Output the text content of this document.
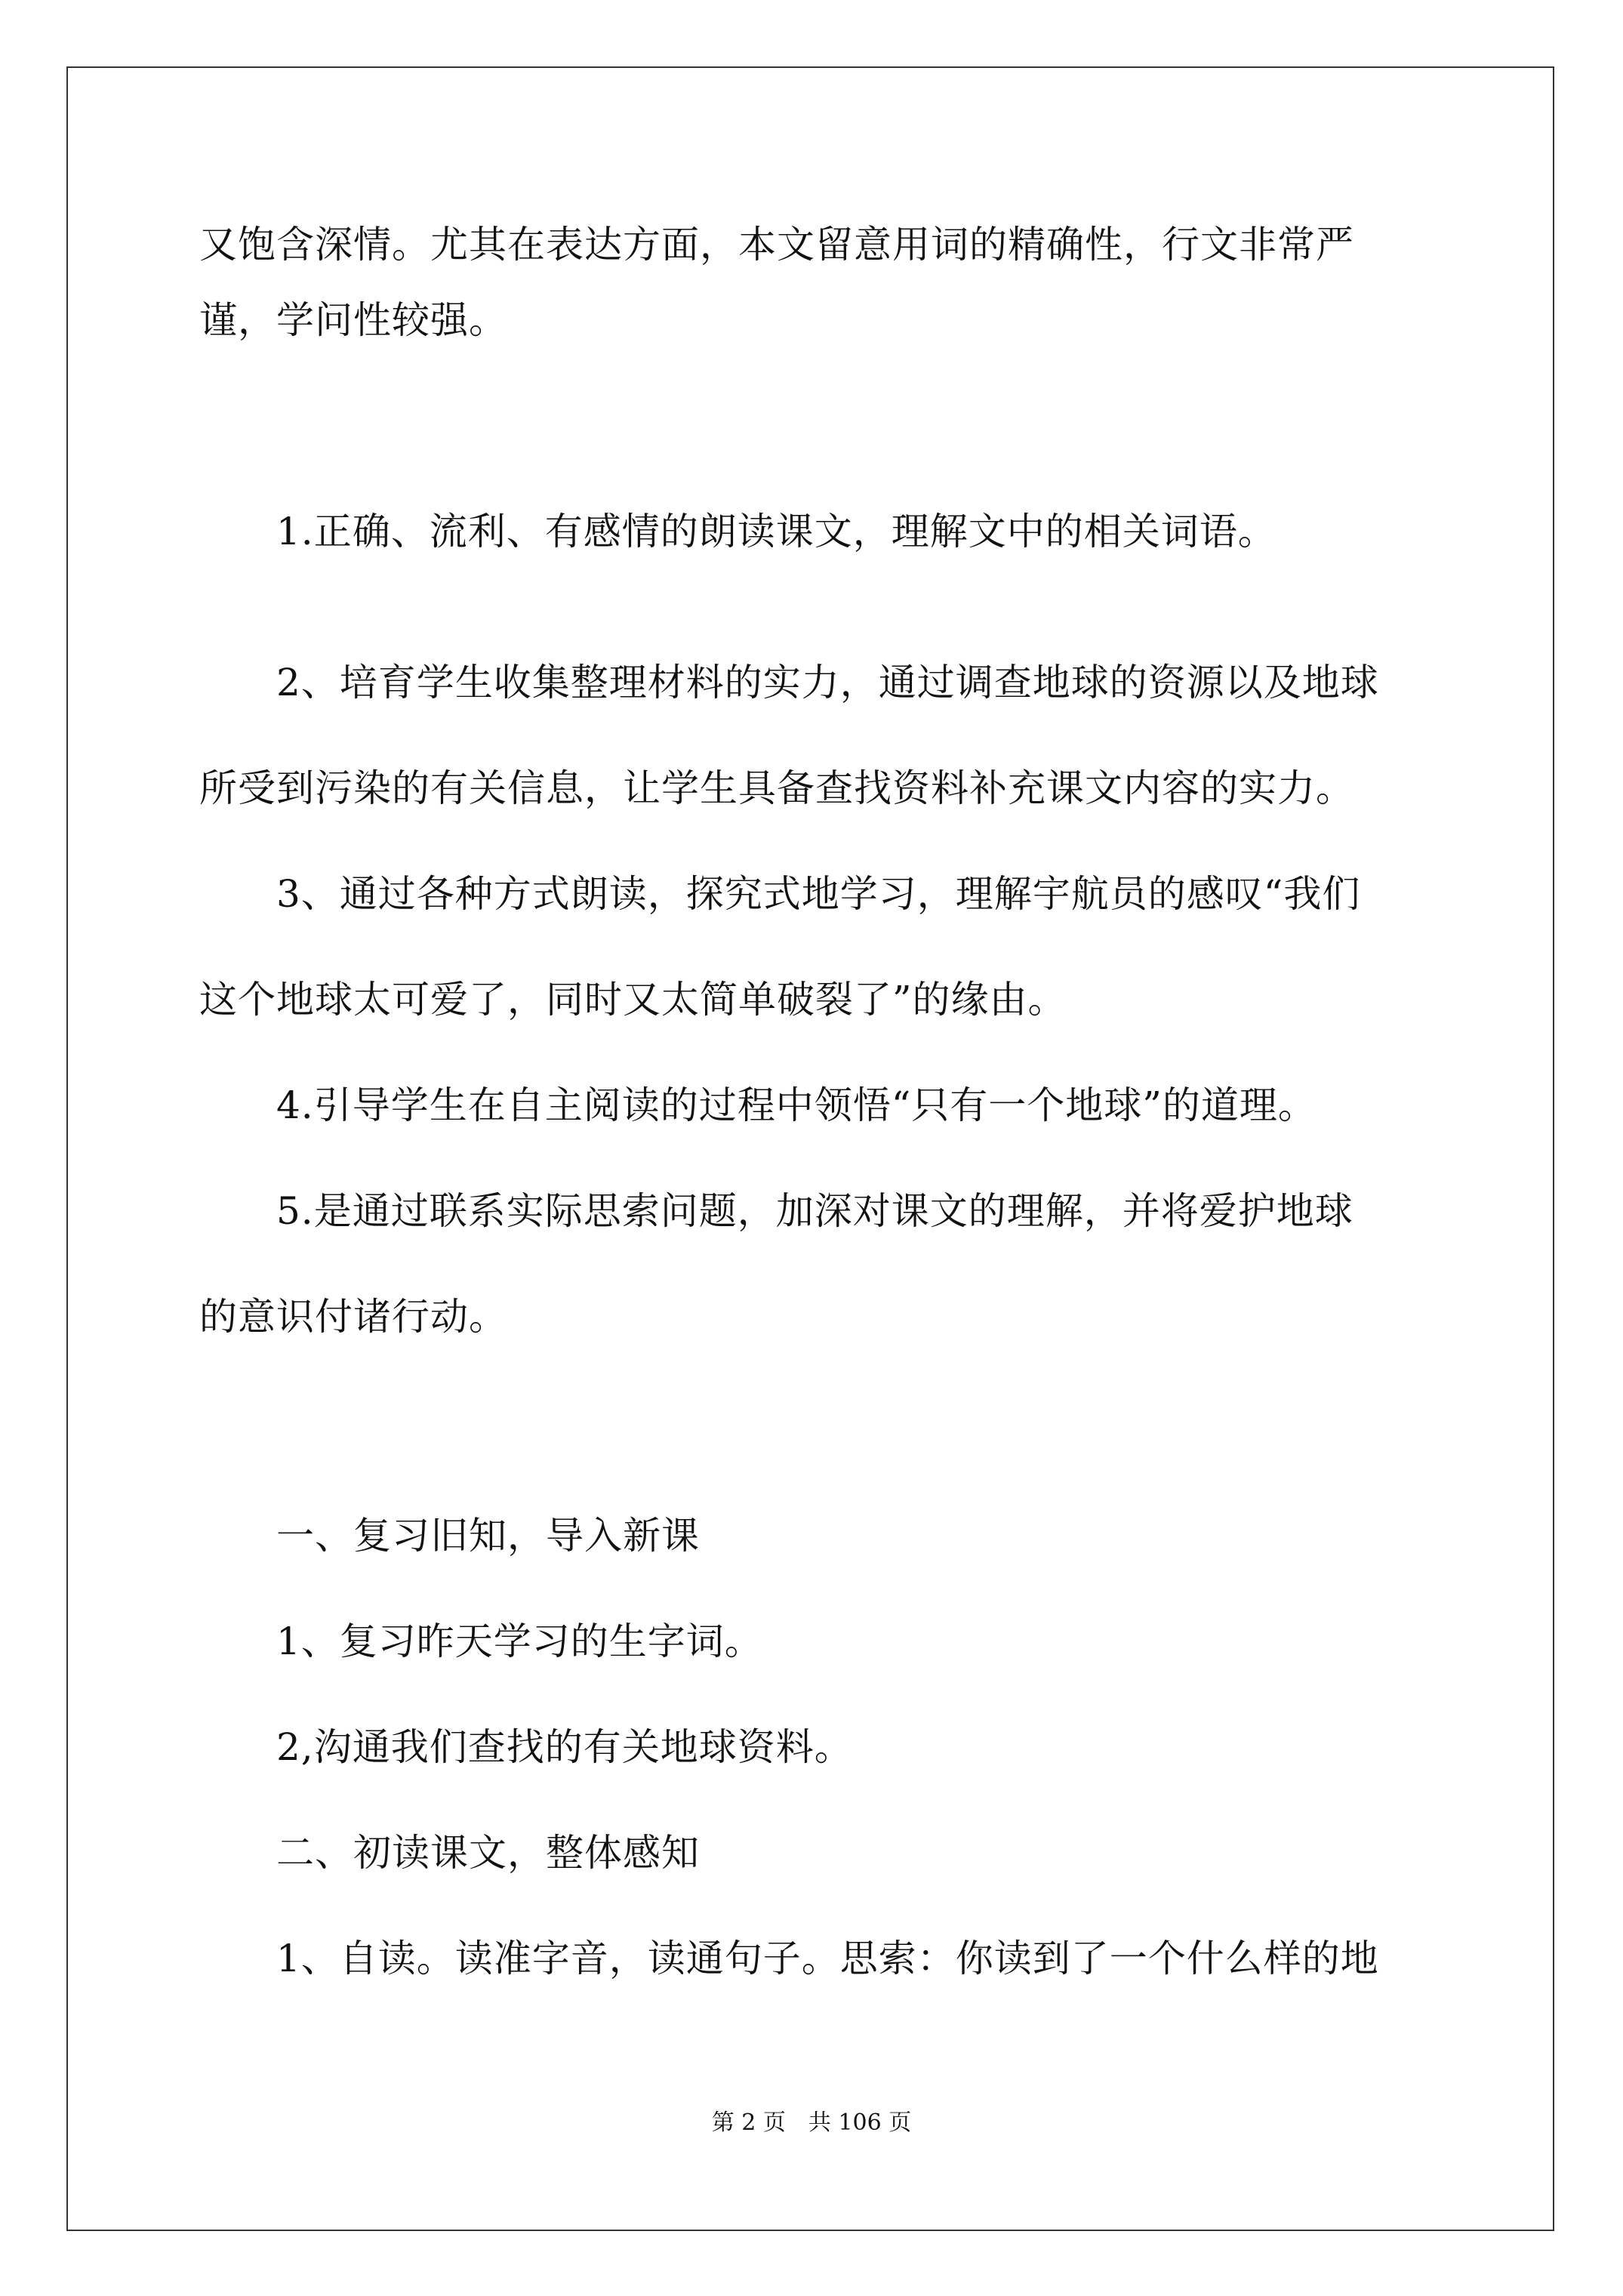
又饱含深情。尤其在表达方面，本文留意用词的精确性，行文非常严
谨，学问性较强。
　　1.正确、流利、有感情的朗读课文，理解文中的相关词语。
　　2、培育学生收集整理材料的实力，通过调查地球的资源以及地球
所受到污染的有关信息，让学生具备查找资料补充课文内容的实力。
　　3、通过各种方式朗读，探究式地学习，理解宇航员的感叹“我们
这个地球太可爱了，同时又太简单破裂了”的缘由。
　　4.引导学生在自主阅读的过程中领悟“只有一个地球”的道理。
　　5.是通过联系实际思索问题，加深对课文的理解，并将爱护地球
的意识付诸行动。
　　一、复习旧知，导入新课
　　1、复习昨天学习的生字词。
　　2,沟通我们查找的有关地球资料。
　　二、初读课文，整体感知
　　1、自读。读准字音，读通句子。思索：你读到了一个什么样的地
第 2 页　共 106 页
